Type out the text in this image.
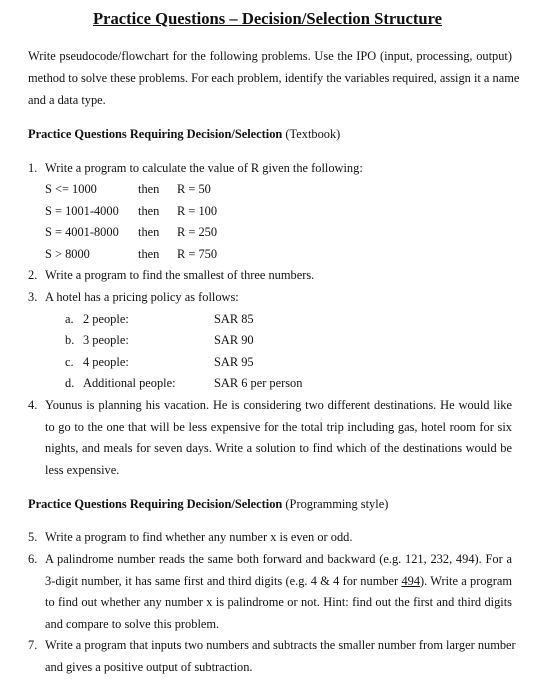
Practice Questions – Decision/Selection Structure
Write pseudocode/flowchart for the following problems. Use the IPO (input, processing, output)
method to solve these problems. For each problem, identify the variables required, assign it a name
and a data type.
Practice Questions Requiring Decision/Selection (Textbook)
1. Write a program to calculate the value of R given the following:
S <= 1000	then R = 50
S = 1001-4000 then R = 100
S = 4001-8000 then R = 250
S > 8000	then R = 750
2. Write a program to find the smallest of three numbers.
3. A hotel has a pricing policy as follows:
a. 2 people:	SAR 85
b. 3 people:	SAR 90
c. 4 people:	SAR 95
d. Additional people:	SAR 6 per person
4. Younus is planning his vacation. He is considering two different destinations. He would like
to go to the one that will be less expensive for the total trip including gas, hotel room for six
nights, and meals for seven days. Write a solution to find which of the destinations would be
less expensive.
Practice Questions Requiring Decision/Selection (Programming style)
5. Write a program to find whether any number x is even or odd.
6. A palindrome number reads the same both forward and backward (e.g. 121, 232, 494). For a
3-digit number, it has same first and third digits (e.g. 4 & 4 for number 494). Write a program
to find out whether any number x is palindrome or not. Hint: find out the first and third digits
and compare to solve this problem.
7. Write a program that inputs two numbers and subtracts the smaller number from larger number
and gives a positive output of subtraction.
